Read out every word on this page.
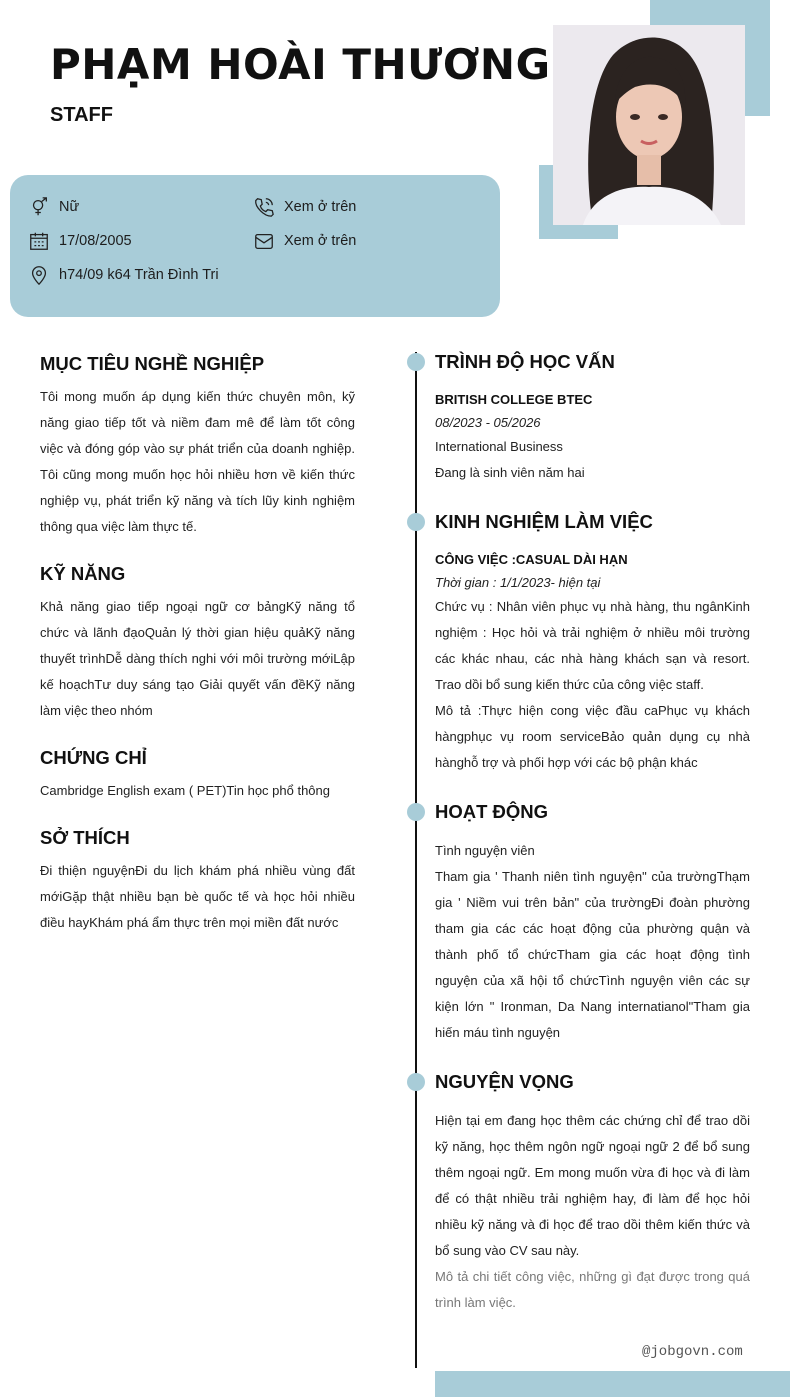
PHẠM HOÀI THƯƠNG
STAFF
Nữ	Xem ở trên
17/08/2005	Xem ở trên
h74/09 k64 Trần Đình Tri
MỤC TIÊU NGHỀ NGHIỆP

Tôi mong muốn áp dụng kiến thức chuyên môn, kỹ năng giao tiếp tốt và niềm đam mê để làm tốt công việc và đóng góp vào sự phát triển của doanh nghiệp. Tôi cũng mong muốn học hỏi nhiều hơn về kiến thức nghiệp vụ, phát triển kỹ năng và tích lũy kinh nghiệm thông qua việc làm thực tế.

KỸ NĂNG

Khả năng giao tiếp ngoại ngữ cơ bảngKỹ năng tổ chức và lãnh đạoQuản lý thời gian hiệu quảKỹ năng thuyết trìnhDễ dàng thích nghi với môi trường mớiLập kế hoạchTư duy sáng tạo Giải quyết vấn đềKỹ năng làm việc theo nhóm

CHỨNG CHỈ

Cambridge English exam ( PET)Tin học phổ thông

SỞ THÍCH

Đi thiện nguyệnĐi du lịch khám phá nhiều vùng đất mớiGặp thật nhiều bạn bè quốc tế và học hỏi nhiều điều hayKhám phá ẩm thực trên mọi miền đất nước

TRÌNH ĐỘ HỌC VẤN

BRITISH COLLEGE BTEC

08/2023 - 05/2026

International Business

Đang là sinh viên năm hai

KINH NGHIỆM LÀM VIỆC

CÔNG VIỆC :CASUAL DÀI HẠN

Thời gian : 1/1/2023- hiện tại

Chức vụ : Nhân viên phục vụ nhà hàng, thu ngânKinh nghiệm : Học hỏi và trải nghiệm ở nhiều môi trường các khác nhau, các nhà hàng khách sạn và resort. Trao dồi bổ sung kiến thức của công việc staff.

Mô tả :Thực hiện cong việc đầu caPhục vụ khách hàngphục vụ room serviceBảo quản dụng cụ nhà hànghỗ trợ và phối hợp với các bộ phận khác

HOẠT ĐỘNG

Tình nguyện viên

Tham gia ' Thanh niên tình nguyện" của trườngThạm gia ' Niềm vui trên bản" của trườngĐi đoàn phường tham gia các các hoạt động của phường quận và thành phố tổ chứcTham gia các hoạt động tình nguyện của xã hội tổ chứcTình nguyện viên các sự kiện lớn " Ironman, Da Nang internatianol"Tham gia hiến máu tình nguyện

NGUYỆN VỌNG

Hiện tại em đang học thêm các chứng chỉ để trao dồi kỹ năng, học thêm ngôn ngữ ngoại ngữ 2 để bổ sung thêm ngoại ngữ. Em mong muốn vừa đi học và đi làm để có thật nhiều trải nghiệm hay, đi làm để học hỏi nhiều kỹ năng và đi học để trao dồi thêm kiến thức và bổ sung vào CV sau này.

Mô tả chi tiết công việc, những gì đạt được trong quá trình làm việc.

@jobgovn.com
